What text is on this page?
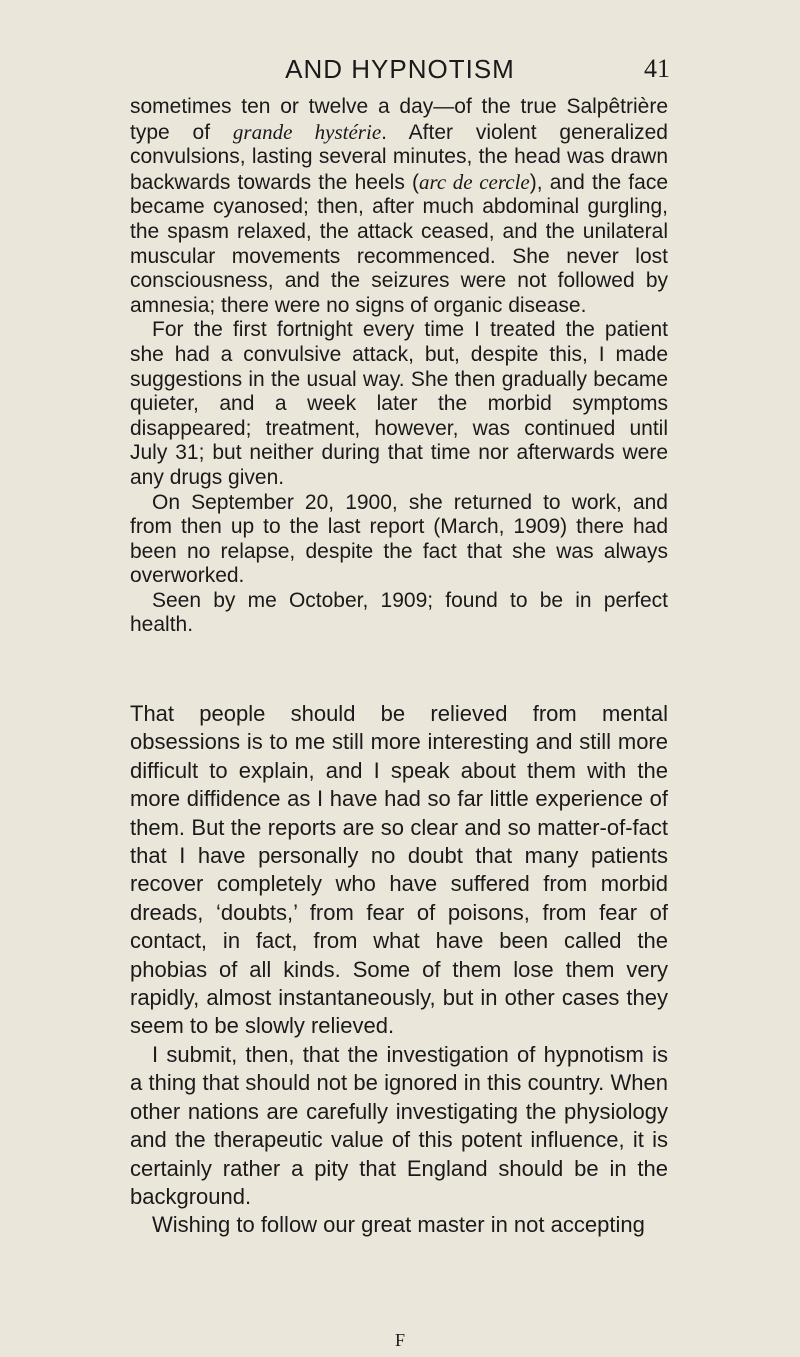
AND HYPNOTISM	41

sometimes ten or twelve a day—of the true Salpêtrière type of grande hystérie. After violent generalized convulsions, lasting several minutes, the head was drawn backwards towards the heels (arc de cercle), and the face became cyanosed; then, after much abdominal gurgling, the spasm relaxed, the attack ceased, and the unilateral muscular movements recommenced. She never lost consciousness, and the seizures were not followed by amnesia; there were no signs of organic disease.

For the first fortnight every time I treated the patient she had a convulsive attack, but, despite this, I made suggestions in the usual way. She then gradually became quieter, and a week later the morbid symptoms disappeared; treatment, however, was continued until July 31; but neither during that time nor afterwards were any drugs given.

On September 20, 1900, she returned to work, and from then up to the last report (March, 1909) there had been no relapse, despite the fact that she was always overworked.

Seen by me October, 1909; found to be in perfect health.

That people should be relieved from mental obsessions is to me still more interesting and still more difficult to explain, and I speak about them with the more diffidence as I have had so far little experience of them. But the reports are so clear and so matter-of-fact that I have personally no doubt that many patients recover completely who have suffered from morbid dreads, ‘doubts,’ from fear of poisons, from fear of contact, in fact, from what have been called the phobias of all kinds. Some of them lose them very rapidly, almost instantaneously, but in other cases they seem to be slowly relieved.

I submit, then, that the investigation of hypnotism is a thing that should not be ignored in this country. When other nations are carefully investigating the physiology and the therapeutic value of this potent influence, it is certainly rather a pity that England should be in the background.

Wishing to follow our great master in not accepting

F
